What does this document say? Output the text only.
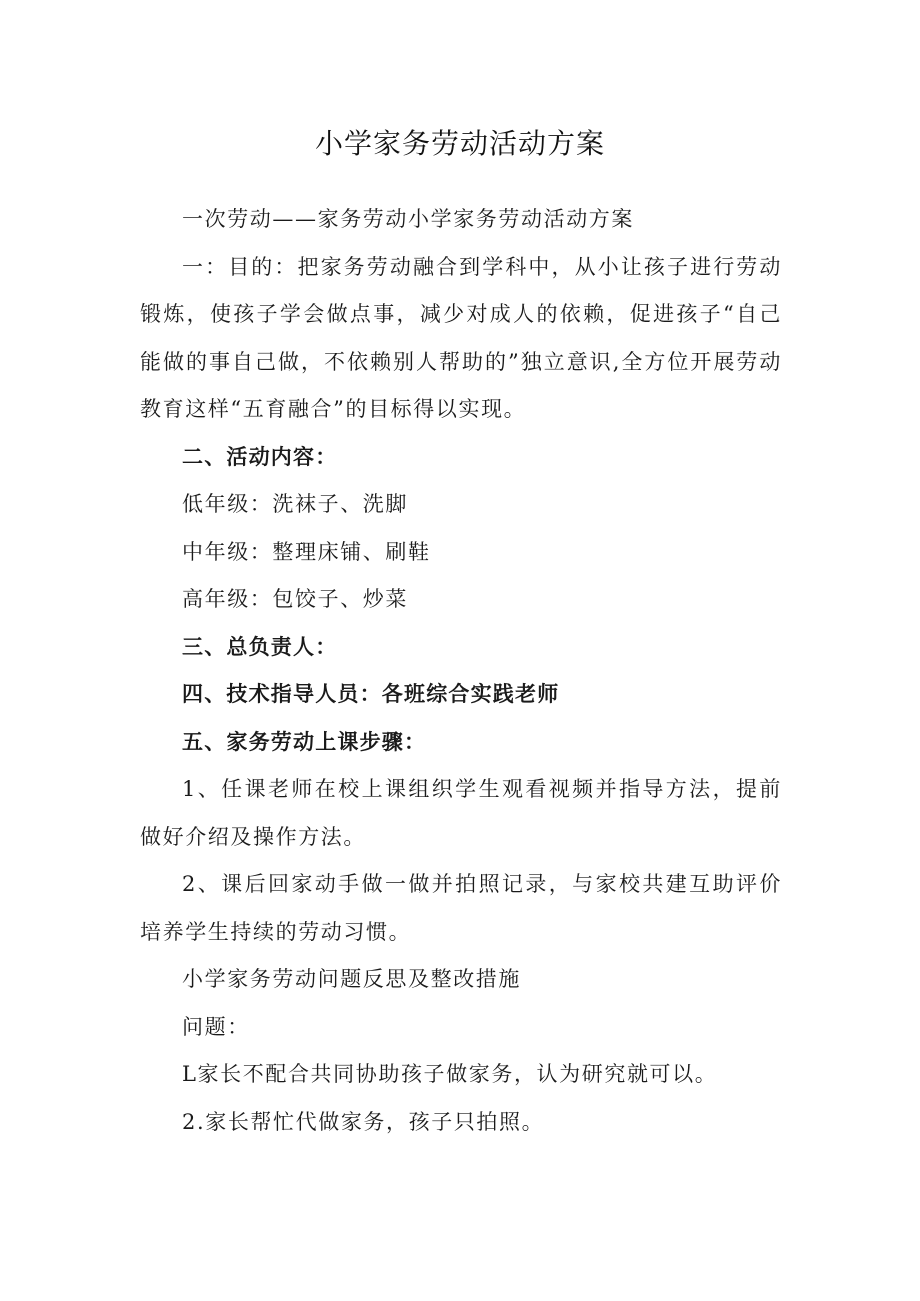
小学家务劳动活动方案

一次劳动——家务劳动小学家务劳动活动方案

一：目的：把家务劳动融合到学科中，从小让孩子进行劳动锻炼，使孩子学会做点事，减少对成人的依赖，促进孩子“自己能做的事自己做，不依赖别人帮助的”独立意识,全方位开展劳动教育这样“五育融合”的目标得以实现。

二、活动内容：

低年级：洗袜子、洗脚

中年级：整理床铺、刷鞋

高年级：包饺子、炒菜

三、总负责人：

四、技术指导人员：各班综合实践老师

五、家务劳动上课步骤：

1、任课老师在校上课组织学生观看视频并指导方法，提前做好介绍及操作方法。

2、课后回家动手做一做并拍照记录，与家校共建互助评价培养学生持续的劳动习惯。

小学家务劳动问题反思及整改措施

问题：

L家长不配合共同协助孩子做家务，认为研究就可以。

2.家长帮忙代做家务，孩子只拍照。
